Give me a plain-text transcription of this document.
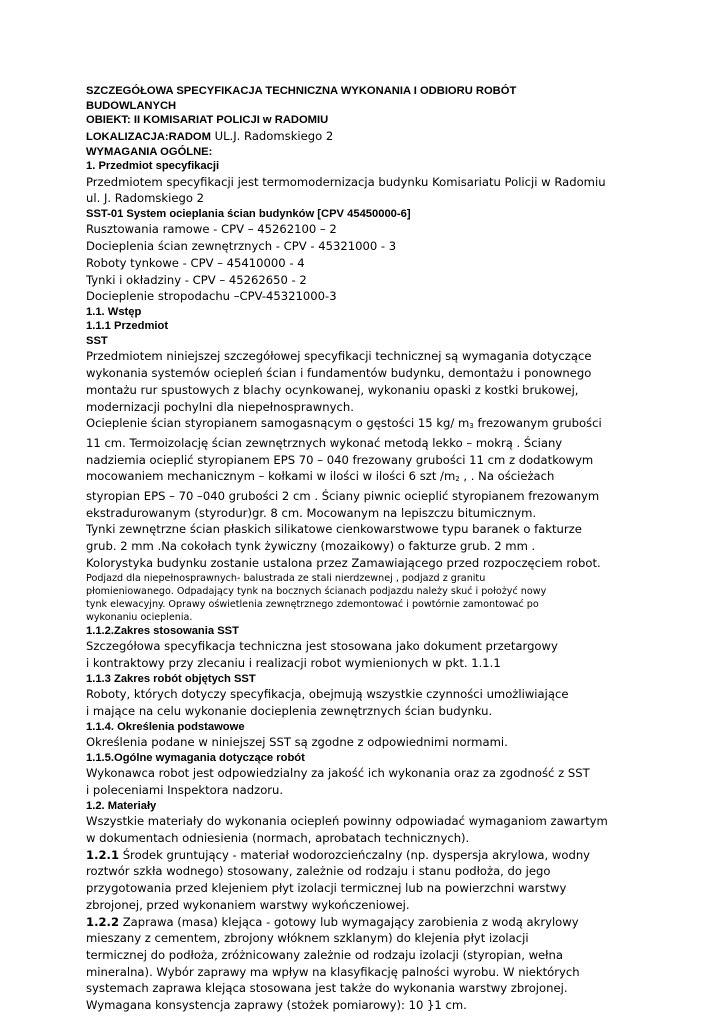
SZCZEGÓŁOWA SPECYFIKACJA TECHNICZNA WYKONANIA I ODBIORU ROBÓT
BUDOWLANYCH
OBIEKT: II KOMISARIAT POLICJI w RADOMIU

LOKALIZACJA:RADOM UL.J. Radomskiego 2

WYMAGANIA OGÓLNE:
1. Przedmiot specyfikacji

Przedmiotem specyfikacji jest termomodernizacja budynku Komisariatu Policji w Radomiu
ul. J. Radomskiego 2

SST-01 System ocieplania ścian budynków [CPV 45450000-6]

Rusztowania ramowe - CPV – 45262100 – 2
Docieplenia ścian zewnętrznych - CPV - 45321000 - 3
Roboty tynkowe - CPV – 45410000 - 4
Tynki i okładziny - CPV – 45262650 - 2
Docieplenie stropodachu –CPV-45321000-3

1.1. Wstęp
1.1.1 Przedmiot
SST

Przedmiotem niniejszej szczegółowej specyfikacji technicznej są wymagania dotyczące
wykonania systemów ociepleń ścian i fundamentów budynku, demontażu i ponownego
montażu rur spustowych z blachy ocynkowanej, wykonaniu opaski z kostki brukowej,
modernizacji pochylni dla niepełnosprawnych.

Ocieplenie ścian styropianem samogasnącym o gęstości 15 kg/ m3 frezowanym grubości
11 cm. Termoizolację ścian zewnętrznych wykonać metodą lekko – mokrą . Ściany
nadziemia ocieplić styropianem EPS 70 – 040 frezowany grubości 11 cm z dodatkowym
mocowaniem mechanicznym – kołkami w ilości w ilości 6 szt /m2 , . Na ościeżach
styropian EPS – 70 –040 grubości 2 cm . Ściany piwnic ocieplić styropianem frezowanym
ekstradurowanym (styrodur)gr. 8 cm. Mocowanym na lepiszczu bitumicznym.

Tynki zewnętrzne ścian płaskich silikatowe cienkowarstwowe typu baranek o fakturze
grub. 2 mm .Na cokołach tynk żywiczny (mozaikowy) o fakturze grub. 2 mm .
Kolorystyka budynku zostanie ustalona przez Zamawiającego przed rozpoczęciem robot.

Podjazd dla niepełnosprawnych- balustrada ze stali nierdzewnej , podjazd z granitu
płomieniowanego. Odpadający tynk na bocznych ścianach podjazdu należy skuć i położyć nowy
tynk elewacyjny. Oprawy oświetlenia zewnętrznego zdemontować i powtórnie zamontować po
wykonaniu ocieplenia.

1.1.2.Zakres stosowania SST

Szczegółowa specyfikacja techniczna jest stosowana jako dokument przetargowy
i kontraktowy przy zlecaniu i realizacji robot wymienionych w pkt. 1.1.1

1.1.3 Zakres robót objętych SST

Roboty, których dotyczy specyfikacja, obejmują wszystkie czynności umożliwiające
i mające na celu wykonanie docieplenia zewnętrznych ścian budynku.

1.1.4. Określenia podstawowe

Określenia podane w niniejszej SST są zgodne z odpowiednimi normami.

1.1.5.Ogólne wymagania dotyczące robót

Wykonawca robot jest odpowiedzialny za jakość ich wykonania oraz za zgodność z SST
i poleceniami Inspektora nadzoru.

1.2. Materiały

Wszystkie materiały do wykonania ociepleń powinny odpowiadać wymaganiom zawartym
w dokumentach odniesienia (normach, aprobatach technicznych).

1.2.1 Środek gruntujący - materiał wodorozcieńczalny (np. dyspersja akrylowa, wodny
roztwór szkła wodnego) stosowany, zależnie od rodzaju i stanu podłoża, do jego
przygotowania przed klejeniem płyt izolacji termicznej lub na powierzchni warstwy
zbrojonej, przed wykonaniem warstwy wykończeniowej.

1.2.2 Zaprawa (masa) klejąca - gotowy lub wymagający zarobienia z wodą akrylowy
mieszany z cementem, zbrojony włóknem szklanym) do klejenia płyt izolacji
termicznej do podłoża, zróżnicowany zależnie od rodzaju izolacji (styropian, wełna
mineralna). Wybór zaprawy ma wpływ na klasyfikację palności wyrobu. W niektórych
systemach zaprawa klejąca stosowana jest także do wykonania warstwy zbrojonej.
Wymagana konsystencja zaprawy (stożek pomiarowy): 10 }1 cm.
